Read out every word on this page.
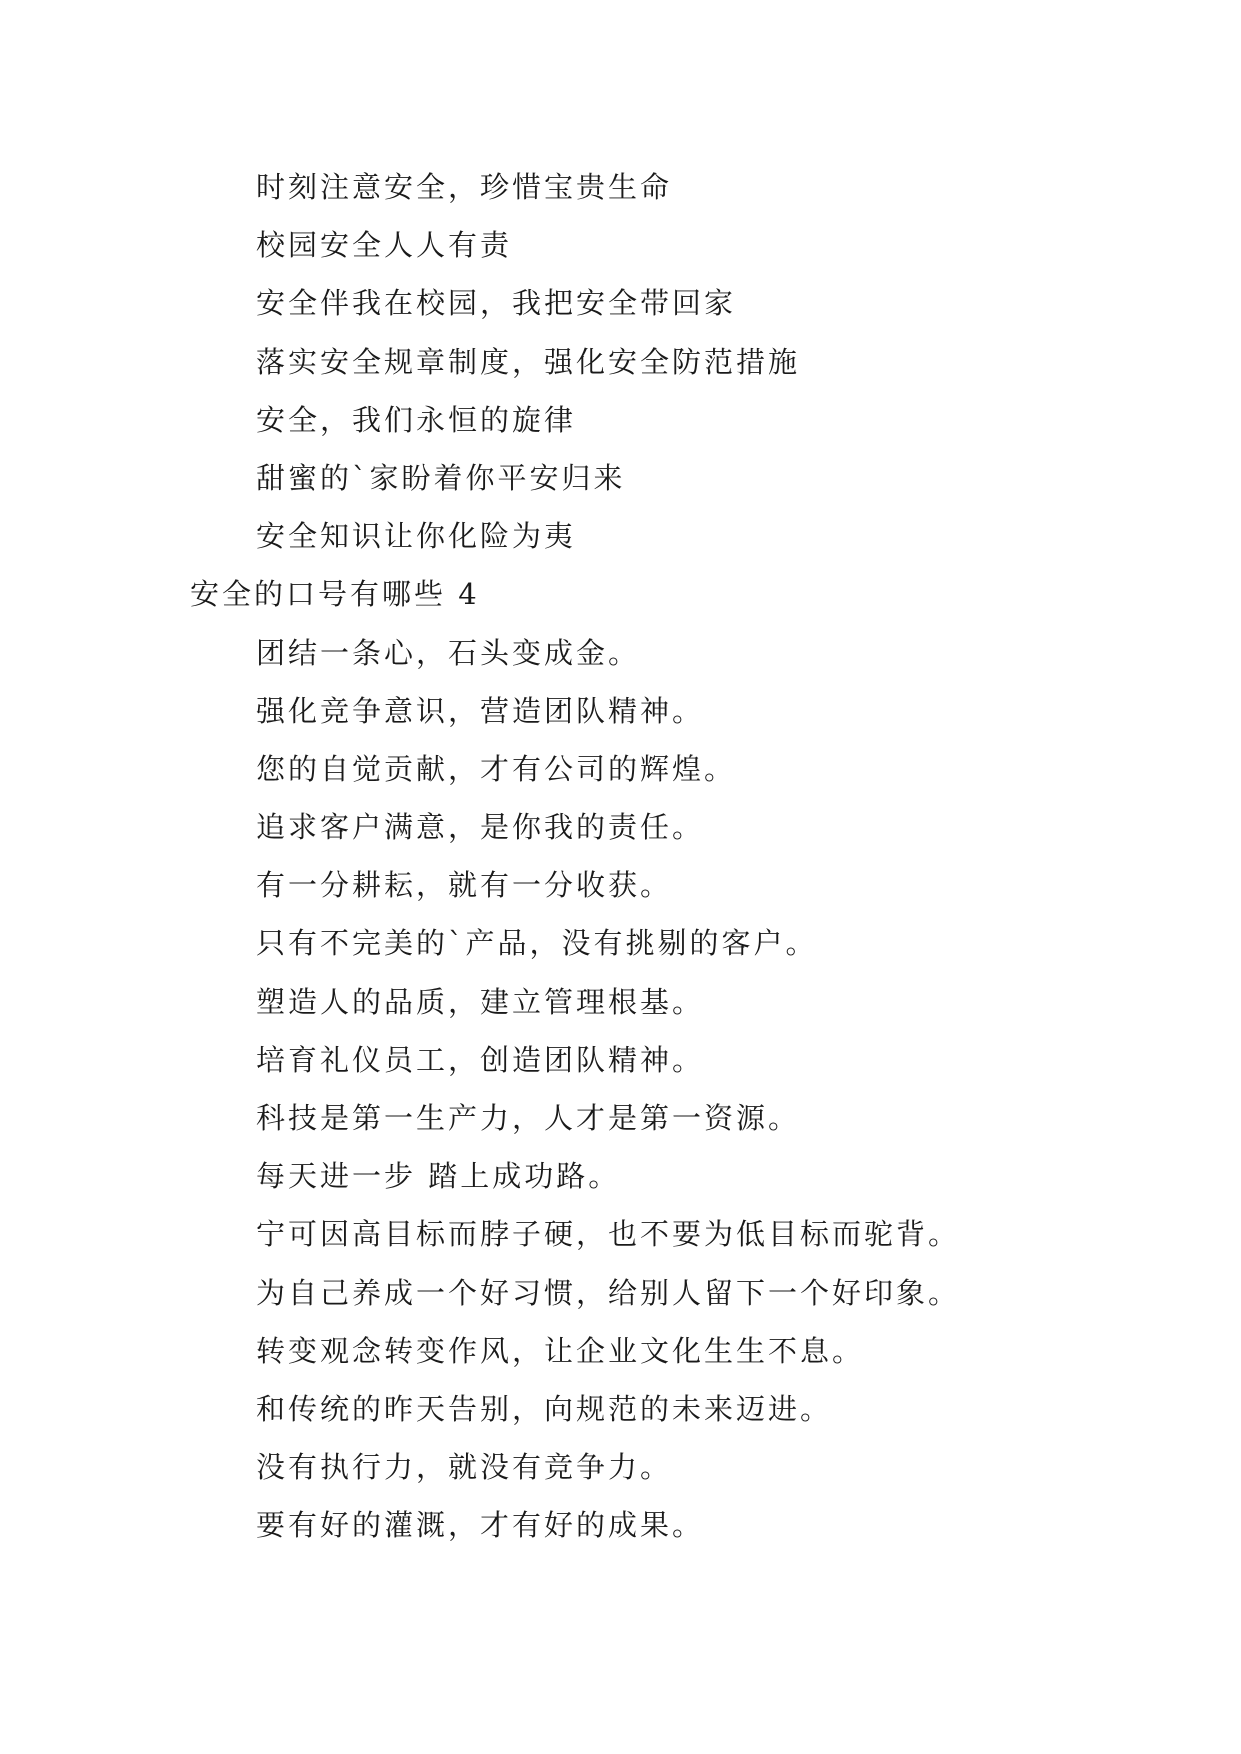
时刻注意安全，珍惜宝贵生命
校园安全人人有责
安全伴我在校园，我把安全带回家
落实安全规章制度，强化安全防范措施
安全，我们永恒的旋律
甜蜜的`家盼着你平安归来
安全知识让你化险为夷
安全的口号有哪些 4
团结一条心，石头变成金。
强化竞争意识，营造团队精神。
您的自觉贡献，才有公司的辉煌。
追求客户满意，是你我的责任。
有一分耕耘，就有一分收获。
只有不完美的`产品，没有挑剔的客户。
塑造人的品质，建立管理根基。
培育礼仪员工，创造团队精神。
科技是第一生产力，人才是第一资源。
每天进一步 踏上成功路。
宁可因高目标而脖子硬，也不要为低目标而驼背。
为自己养成一个好习惯，给别人留下一个好印象。
转变观念转变作风，让企业文化生生不息。
和传统的昨天告别，向规范的未来迈进。
没有执行力，就没有竞争力。
要有好的灌溉，才有好的成果。
